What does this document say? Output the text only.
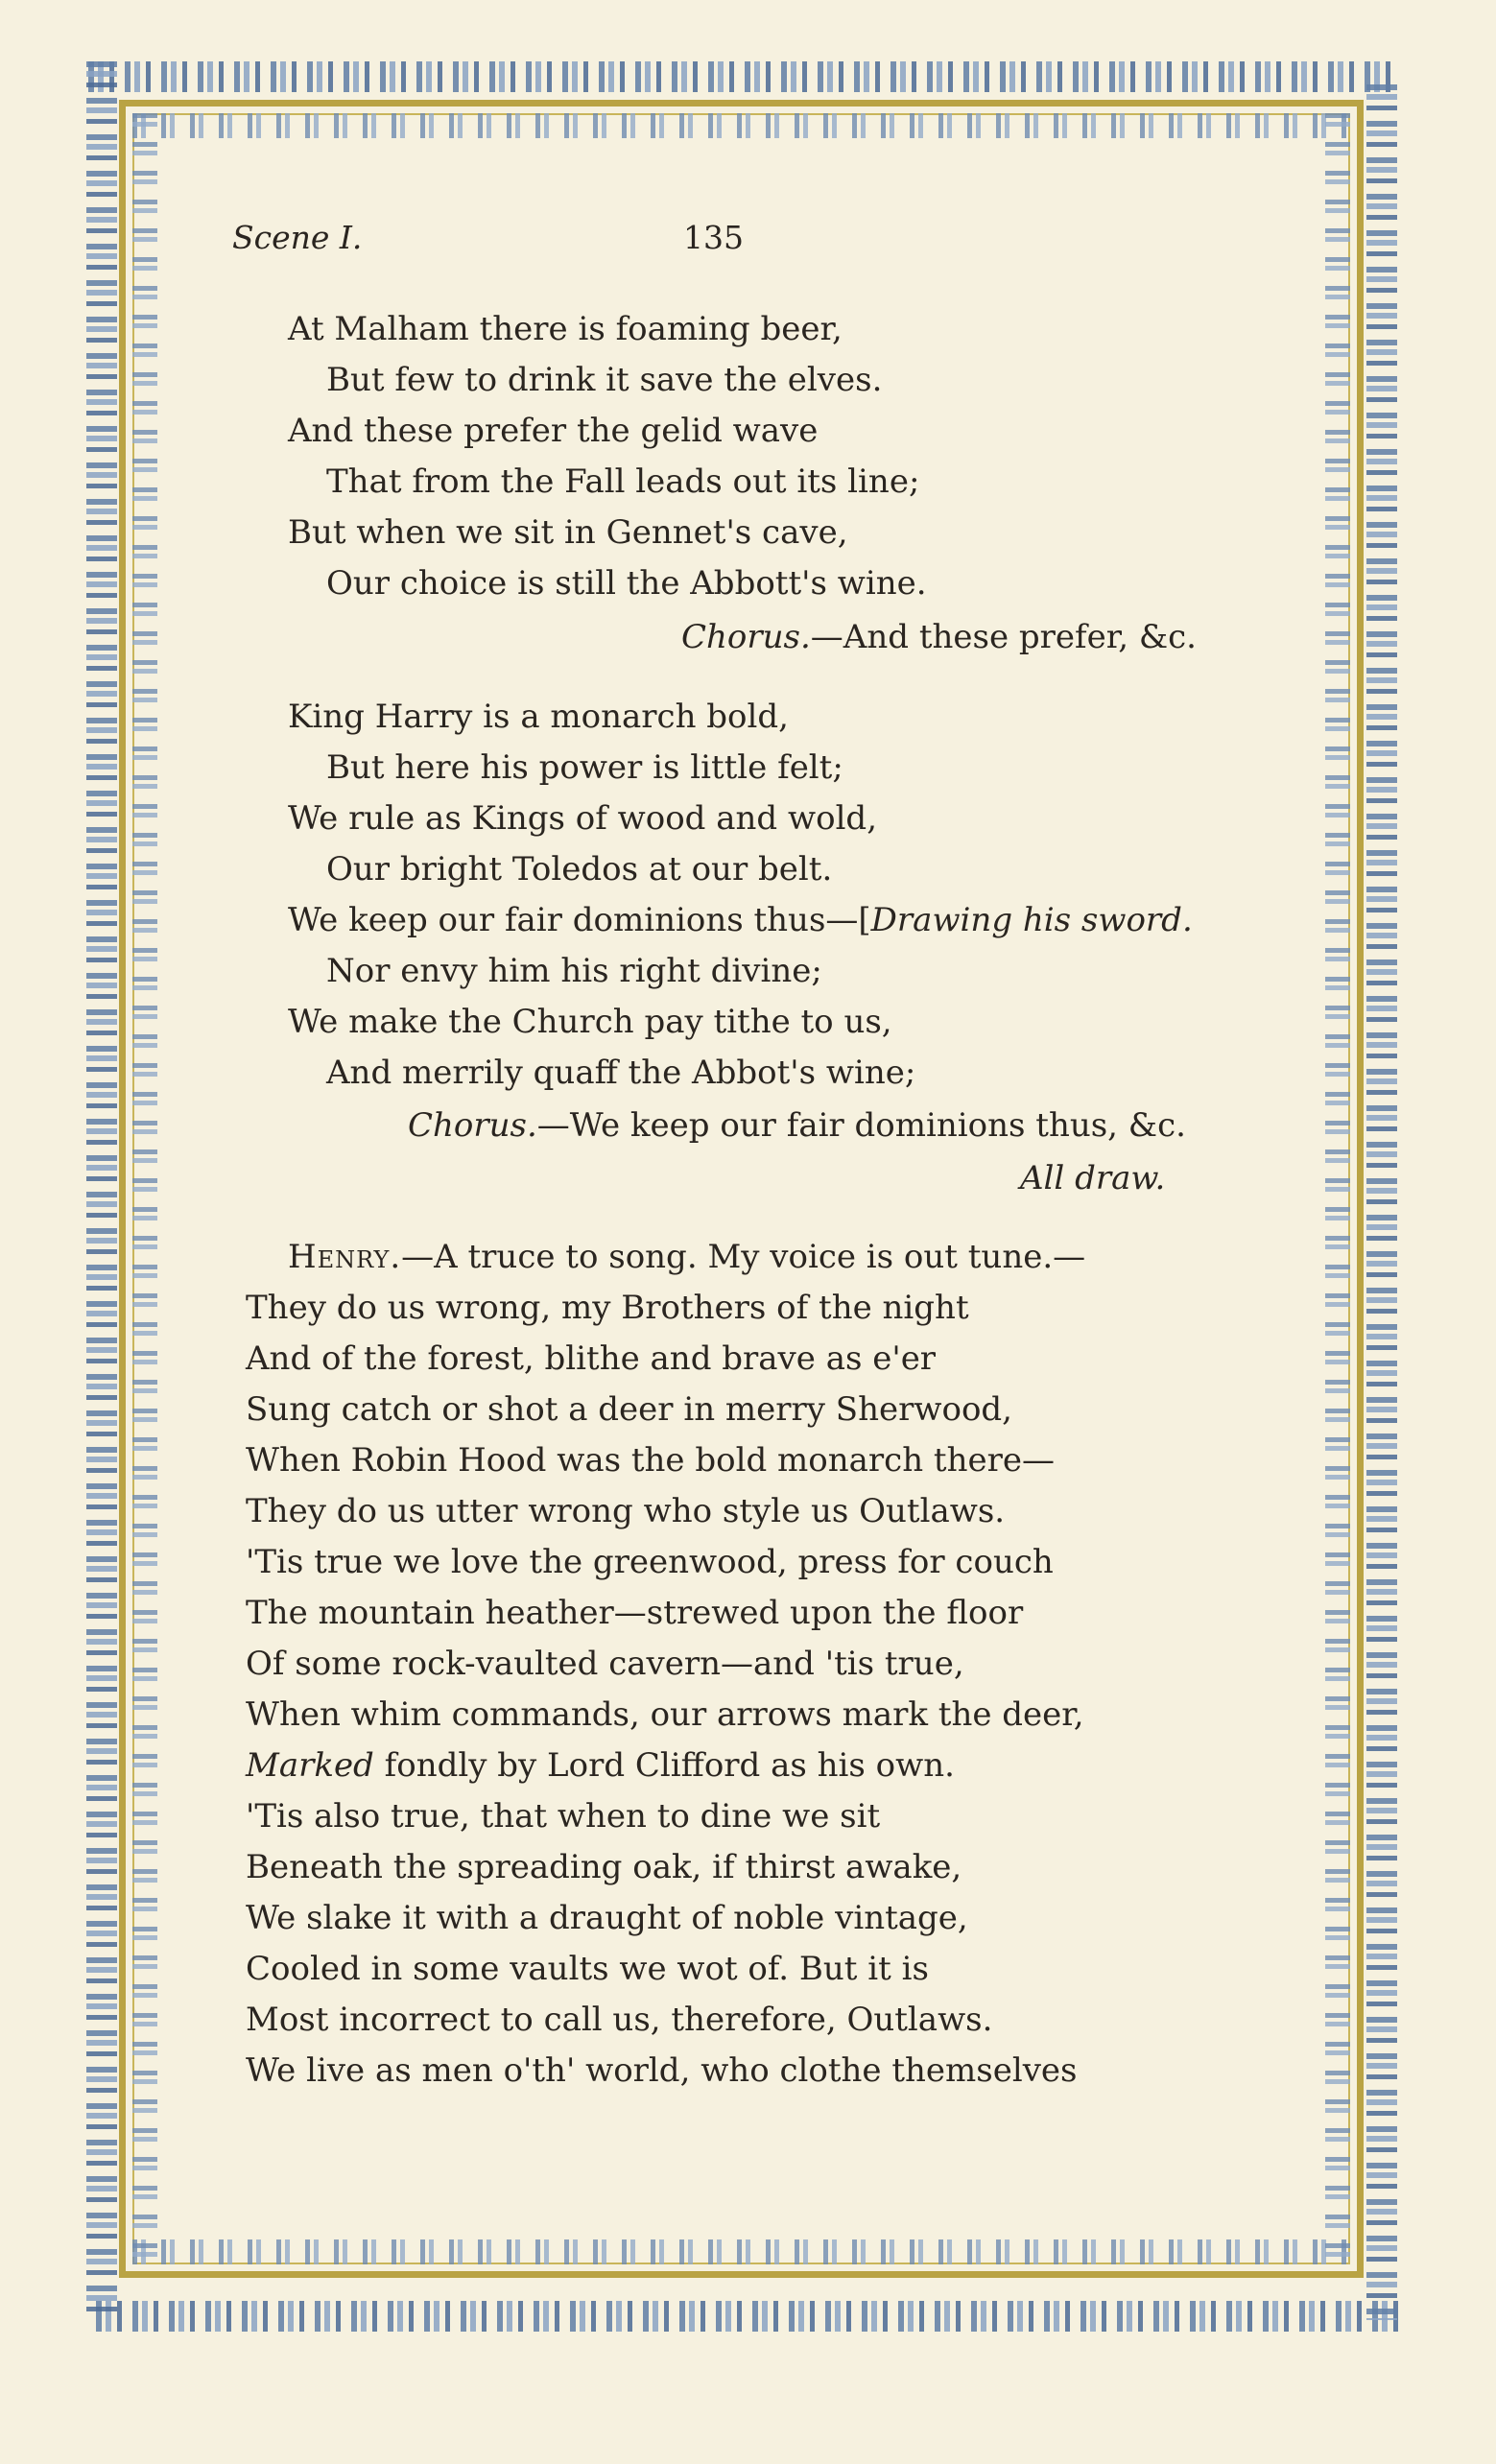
Scene I.	135
At Malham there is foaming beer,
But few to drink it save the elves.
And these prefer the gelid wave
That from the Fall leads out its line;
But when we sit in Gennet's cave,
Our choice is still the Abbott's wine.
Chorus.—And these prefer, &c.
King Harry is a monarch bold,
But here his power is little felt;
We rule as Kings of wood and wold,
Our bright Toledos at our belt.
We keep our fair dominions thus—[Drawing his sword.
Nor envy him his right divine;
We make the Church pay tithe to us,
And merrily quaff the Abbot's wine;
Chorus.—We keep our fair dominions thus, &c.
All draw.
Henry.—A truce to song. My voice is out tune.—
They do us wrong, my Brothers of the night
And of the forest, blithe and brave as e'er
Sung catch or shot a deer in merry Sherwood,
When Robin Hood was the bold monarch there—
They do us utter wrong who style us Outlaws.
'Tis true we love the greenwood, press for couch
The mountain heather—strewed upon the floor
Of some rock-vaulted cavern—and 'tis true,
When whim commands, our arrows mark the deer,
Marked fondly by Lord Clifford as his own.
'Tis also true, that when to dine we sit
Beneath the spreading oak, if thirst awake,
We slake it with a draught of noble vintage,
Cooled in some vaults we wot of. But it is
Most incorrect to call us, therefore, Outlaws.
We live as men o'th' world, who clothe themselves
